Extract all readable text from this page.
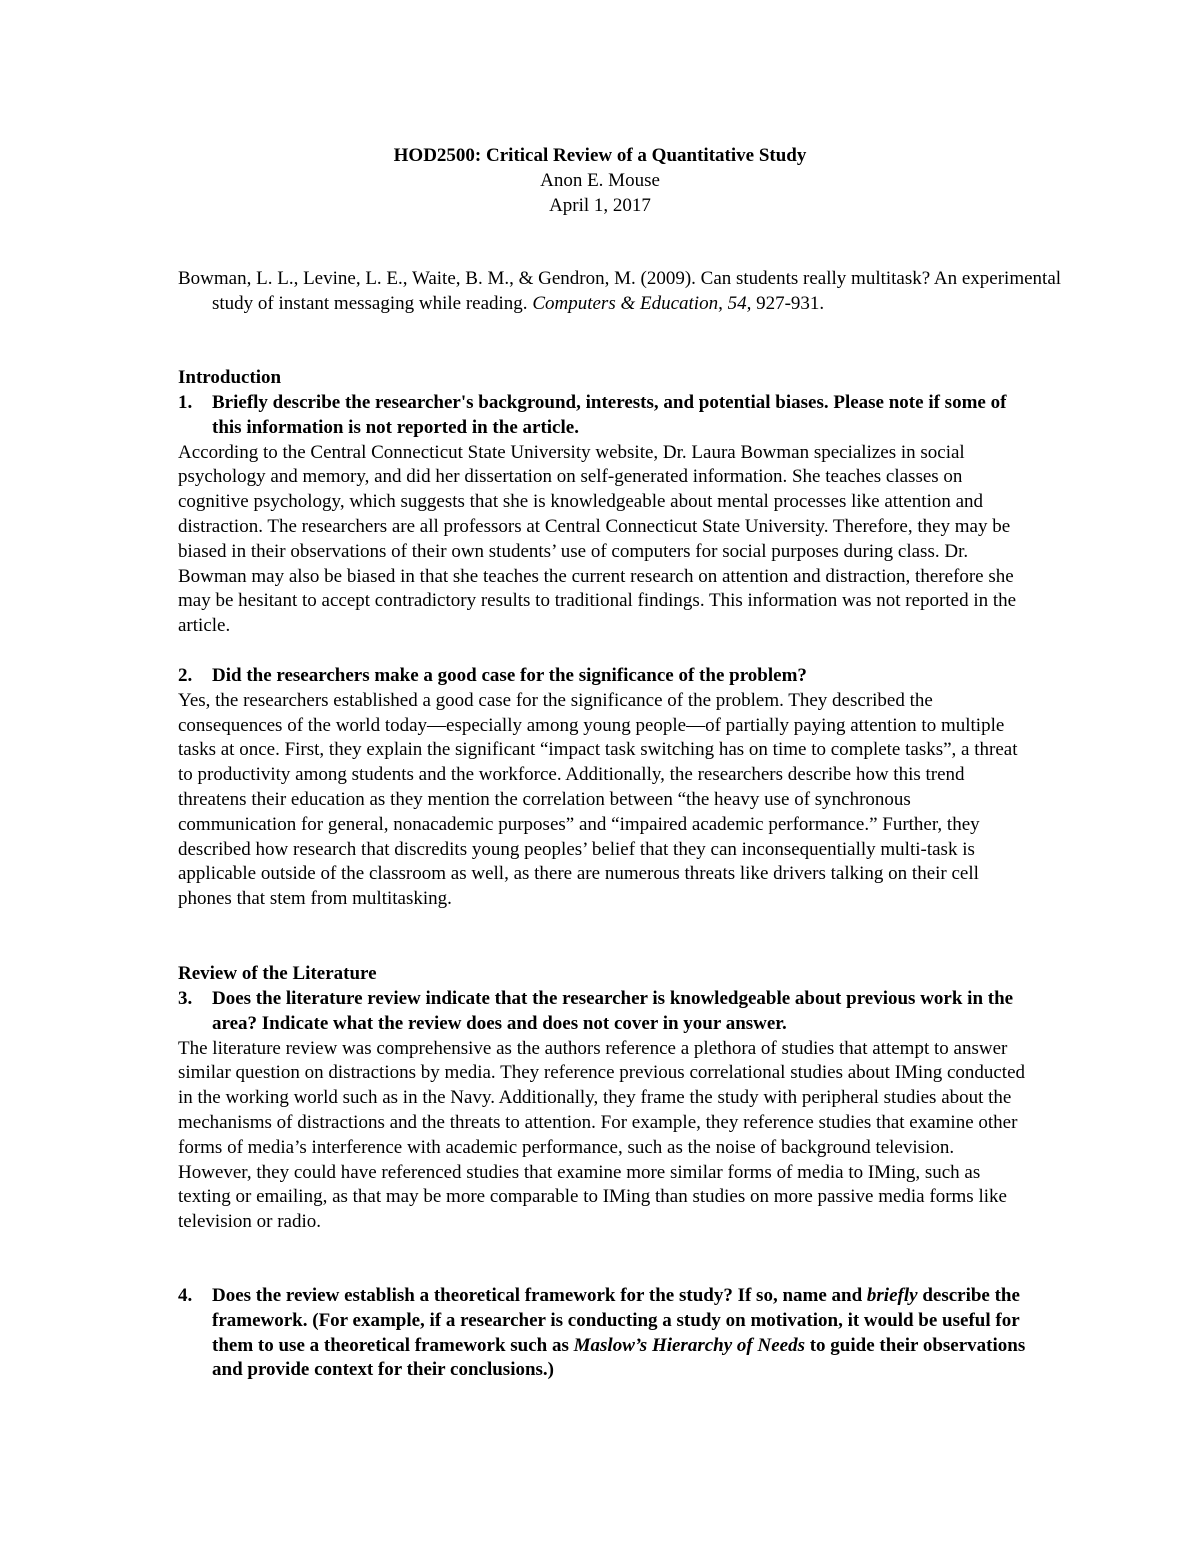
HOD2500: Critical Review of a Quantitative Study
Anon E. Mouse
April 1, 2017
Bowman, L. L., Levine, L. E., Waite, B. M., & Gendron, M. (2009). Can students really multitask? An experimental study of instant messaging while reading. Computers & Education, 54, 927-931.
Introduction
1.	Briefly describe the researcher's background, interests, and potential biases. Please note if some of this information is not reported in the article.

According to the Central Connecticut State University website, Dr. Laura Bowman specializes in social psychology and memory, and did her dissertation on self-generated information. She teaches classes on cognitive psychology, which suggests that she is knowledgeable about mental processes like attention and distraction. The researchers are all professors at Central Connecticut State University. Therefore, they may be biased in their observations of their own students’ use of computers for social purposes during class. Dr. Bowman may also be biased in that she teaches the current research on attention and distraction, therefore she may be hesitant to accept contradictory results to traditional findings. This information was not reported in the article.

2.	Did the researchers make a good case for the significance of the problem?

Yes, the researchers established a good case for the significance of the problem. They described the consequences of the world today—especially among young people—of partially paying attention to multiple tasks at once. First, they explain the significant “impact task switching has on time to complete tasks”, a threat to productivity among students and the workforce. Additionally, the researchers describe how this trend threatens their education as they mention the correlation between “the heavy use of synchronous communication for general, nonacademic purposes” and “impaired academic performance.” Further, they described how research that discredits young peoples’ belief that they can inconsequentially multi-task is applicable outside of the classroom as well, as there are numerous threats like drivers talking on their cell phones that stem from multitasking.

Review of the Literature
3.	Does the literature review indicate that the researcher is knowledgeable about previous work in the area? Indicate what the review does and does not cover in your answer.

The literature review was comprehensive as the authors reference a plethora of studies that attempt to answer similar question on distractions by media. They reference previous correlational studies about IMing conducted in the working world such as in the Navy. Additionally, they frame the study with peripheral studies about the mechanisms of distractions and the threats to attention. For example, they reference studies that examine other forms of media’s interference with academic performance, such as the noise of background television. However, they could have referenced studies that examine more similar forms of media to IMing, such as texting or emailing, as that may be more comparable to IMing than studies on more passive media forms like television or radio.

4.	Does the review establish a theoretical framework for the study? If so, name and briefly describe the framework. (For example, if a researcher is conducting a study on motivation, it would be useful for them to use a theoretical framework such as Maslow’s Hierarchy of Needs to guide their observations and provide context for their conclusions.)
